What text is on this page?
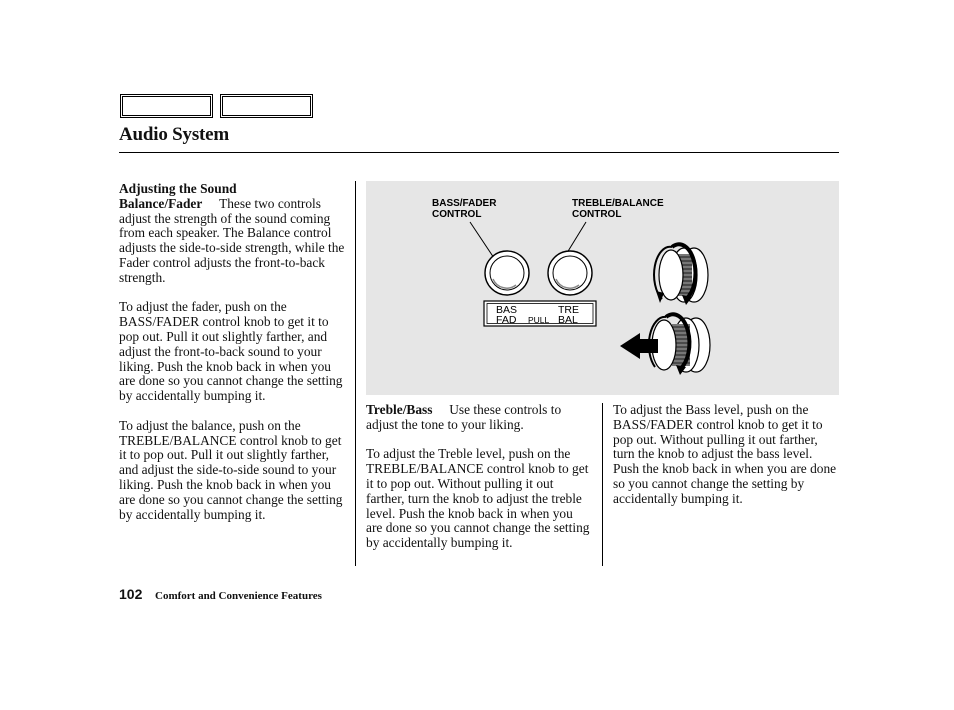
Audio System

Adjusting the Sound
Balance/Fader These two controls adjust the strength of the sound coming from each speaker. The Balance control adjusts the side-to-side strength, while the Fader control adjusts the front-to-back strength.

To adjust the fader, push on the BASS/FADER control knob to get it to pop out. Pull it out slightly farther, and adjust the front-to-back sound to your liking. Push the knob back in when you are done so you cannot change the setting by accidentally bumping it.

To adjust the balance, push on the TREBLE/BALANCE control knob to get it to pop out. Pull it out slightly farther, and adjust the side-to-side sound to your liking. Push the knob back in when you are done so you cannot change the setting by accidentally bumping it.

BASS/FADER
CONTROL
TREBLE/BALANCE
CONTROL
BAS
FAD PULL
TRE
BAL

Treble/Bass Use these controls to adjust the tone to your liking.

To adjust the Treble level, push on the TREBLE/BALANCE control knob to get it to pop out. Without pulling it out farther, turn the knob to adjust the treble level. Push the knob back in when you are done so you cannot change the setting by accidentally bumping it.

To adjust the Bass level, push on the BASS/FADER control knob to get it to pop out. Without pulling it out farther, turn the knob to adjust the bass level. Push the knob back in when you are done so you cannot change the setting by accidentally bumping it.

102 Comfort and Convenience Features
